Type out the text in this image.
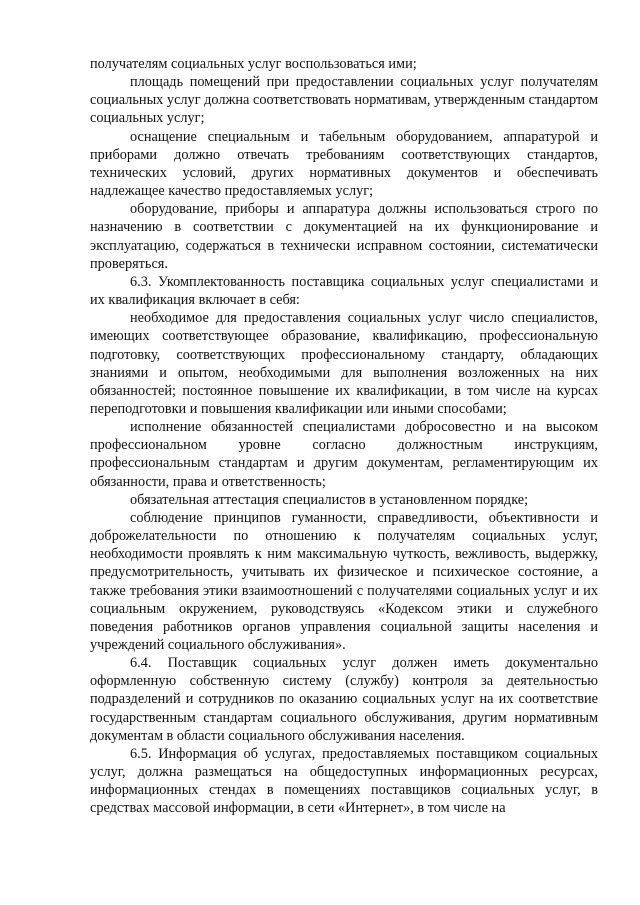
получателям социальных услуг воспользоваться ими;

площадь помещений при предоставлении социальных услуг получателям социальных услуг должна соответствовать нормативам, утвержденным стандартом социальных услуг;

оснащение специальным и табельным оборудованием, аппаратурой и приборами должно отвечать требованиям соответствующих стандартов, технических условий, других нормативных документов и обеспечивать надлежащее качество предоставляемых услуг;

оборудование, приборы и аппаратура должны использоваться строго по назначению в соответствии с документацией на их функционирование и эксплуатацию, содержаться в технически исправном состоянии, систематически проверяться.

6.3. Укомплектованность поставщика социальных услуг специалистами и их квалификация включает в себя:

необходимое для предоставления социальных услуг число специалистов, имеющих соответствующее образование, квалификацию, профессиональную подготовку, соответствующих профессиональному стандарту, обладающих знаниями и опытом, необходимыми для выполнения возложенных на них обязанностей; постоянное повышение их квалификации, в том числе на курсах переподготовки и повышения квалификации или иными способами;

исполнение обязанностей специалистами добросовестно и на высоком профессиональном уровне согласно должностным инструкциям, профессиональным стандартам и другим документам, регламентирующим их обязанности, права и ответственность;

обязательная аттестация специалистов в установленном порядке;

соблюдение принципов гуманности, справедливости, объективности и доброжелательности по отношению к получателям социальных услуг, необходимости проявлять к ним максимальную чуткость, вежливость, выдержку, предусмотрительность, учитывать их физическое и психическое состояние, а также требования этики взаимоотношений с получателями социальных услуг и их социальным окружением, руководствуясь «Кодексом этики и служебного поведения работников органов управления социальной защиты населения и учреждений социального обслуживания».

6.4. Поставщик социальных услуг должен иметь документально оформленную собственную систему (службу) контроля за деятельностью подразделений и сотрудников по оказанию социальных услуг на их соответствие государственным стандартам социального обслуживания, другим нормативным документам в области социального обслуживания населения.

6.5. Информация об услугах, предоставляемых поставщиком социальных услуг, должна размещаться на общедоступных информационных ресурсах, информационных стендах в помещениях поставщиков социальных услуг, в средствах массовой информации, в сети «Интернет», в том числе на
